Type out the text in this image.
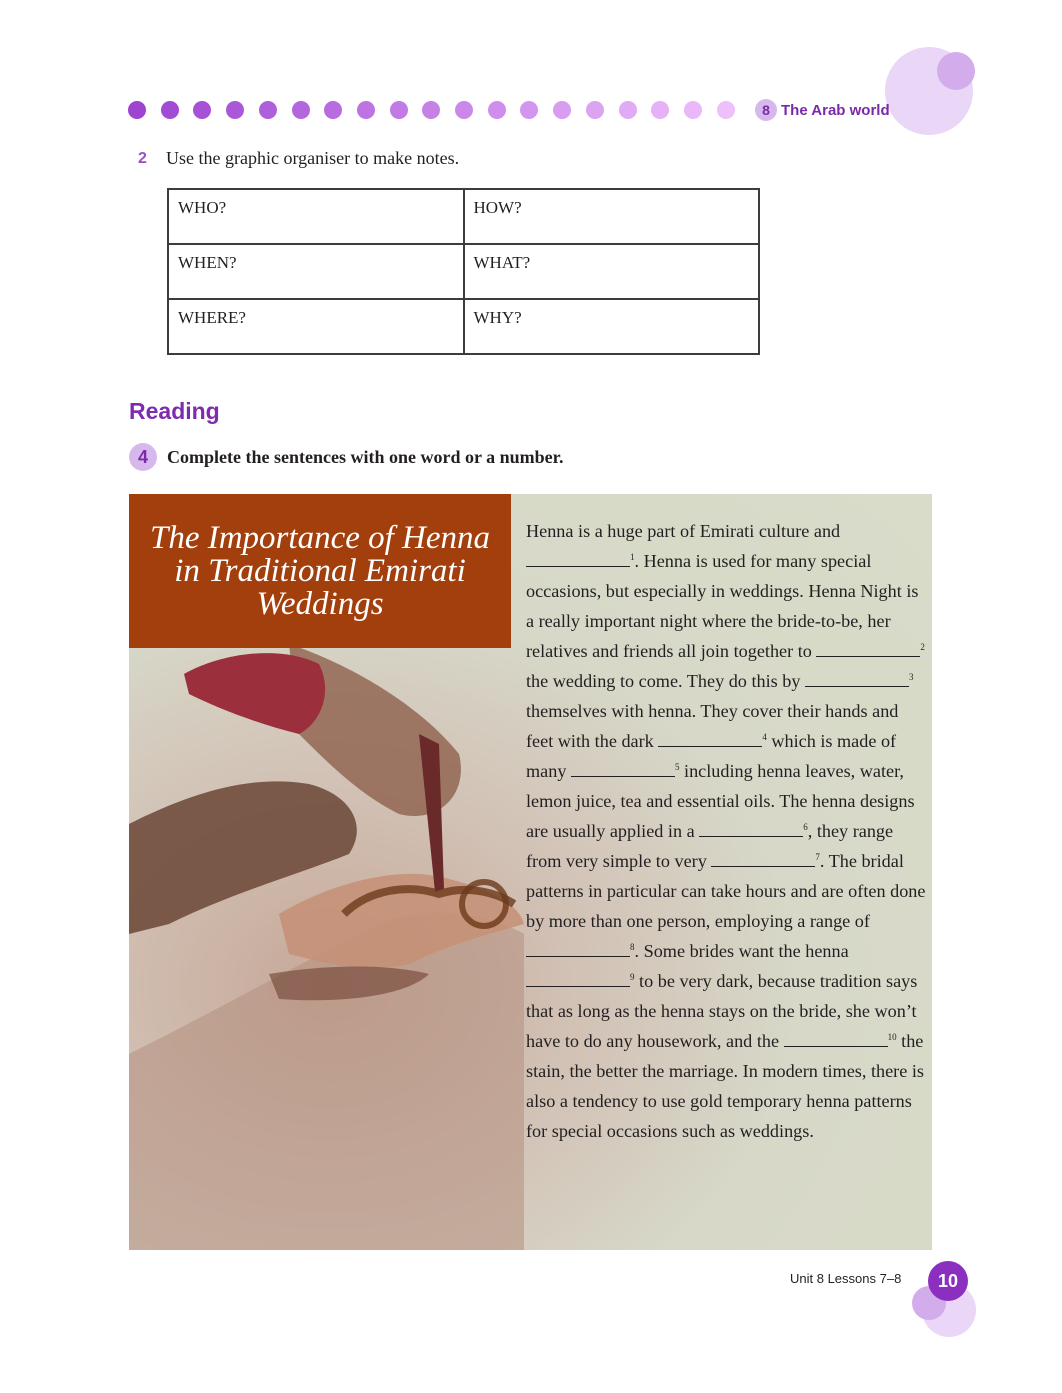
8 The Arab world
2	Use the graphic organiser to make notes.
WHO?	HOW?
WHEN?	WHAT?
WHERE?	WHY?
Reading
4	Complete the sentences with one word or a number.
The Importance of Henna in Traditional Emirati Weddings
Henna is a huge part of Emirati culture and $^1$. Henna is used for many special occasions, but especially in weddings. Henna Night is a really important night where the bride-to-be, her relatives and friends all join together to	$^2$ the wedding to come. They do this by	$^3$ themselves with henna. They cover their hands and feet with the dark	$^4$ which is made of many	$^5$ including henna leaves, water, lemon juice, tea and essential oils. The henna designs are usually applied in a	$^6$, they range from very simple to very	$^7$. The bridal patterns in particular can take hours and are often done by more than one person, employing a range of $^8$. Some brides want the henna $^9$ to be very dark, because tradition says that as long as the henna stays on the bride, she won’t have to do any housework, and the	$^{10}$ the stain, the better the marriage. In modern times, there is also a tendency to use gold temporary henna patterns for special occasions such as weddings.
Unit 8 Lessons 7–8	10
